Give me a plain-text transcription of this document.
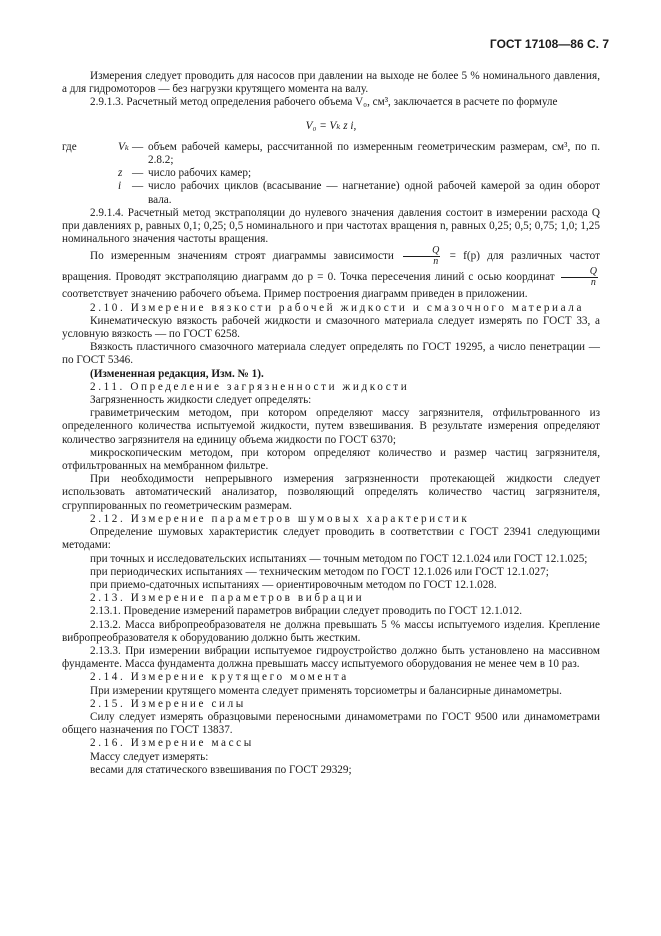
ГОСТ 17108—86 С. 7

Измерения следует проводить для насосов при давлении на выходе не более 5 % номинального давления, а для гидромоторов — без нагрузки крутящего момента на валу.

2.9.1.3. Расчетный метод определения рабочего объема V₀, см³, заключается в расчете по формуле

V₀ = Vₖ z i,
где	Vₖ — объем рабочей камеры, рассчитанной по измеренным геометрическим размерам, см³, по п. 2.8.2;
z — число рабочих камер;
i — число рабочих циклов (всасывание — нагнетание) одной рабочей камерой за один оборот вала.

2.9.1.4. Расчетный метод экстраполяции до нулевого значения давления состоит в измерении расхода Q при давлениях p, равных 0,1; 0,25; 0,5 номинального и при частотах вращения n, равных 0,25; 0,5; 0,75; 1,0; 1,25 номинального значения частоты вращения.

По измеренным значениям строят диаграммы зависимости $\frac{Q}{n} = f(p)$ для различных частот вращения. Проводят экстраполяцию диаграмм до p = 0. Точка пересечения линий с осью координат $\frac{Q}{n}$
соответствует значению рабочего объема. Пример построения диаграмм приведен в приложении.

2.10. Измерение вязкости рабочей жидкости и смазочного материала

Кинематическую вязкость рабочей жидкости и смазочного материала следует измерять по ГОСТ 33, а условную вязкость — по ГОСТ 6258.

Вязкость пластичного смазочного материала следует определять по ГОСТ 19295, а число пенетрации — по ГОСТ 5346.

(Измененная редакция, Изм. № 1).

2.11. Определение загрязненности жидкости

Загрязненность жидкости следует определять:

гравиметрическим методом, при котором определяют массу загрязнителя, отфильтрованного из определенного количества испытуемой жидкости, путем взвешивания. В результате измерения определяют количество загрязнителя на единицу объема жидкости по ГОСТ 6370;

микроскопическим методом, при котором определяют количество и размер частиц загрязнителя, отфильтрованных на мембранном фильтре.

При необходимости непрерывного измерения загрязненности протекающей жидкости следует использовать автоматический анализатор, позволяющий определять количество частиц загрязнителя, сгруппированных по геометрическим размерам.

2.12. Измерение параметров шумовых характеристик

Определение шумовых характеристик следует проводить в соответствии с ГОСТ 23941 следующими методами:

при точных и исследовательских испытаниях — точным методом по ГОСТ 12.1.024 или ГОСТ 12.1.025;

при периодических испытаниях — техническим методом по ГОСТ 12.1.026 или ГОСТ 12.1.027;

при приемо-сдаточных испытаниях — ориентировочным методом по ГОСТ 12.1.028.

2.13. Измерение параметров вибрации

2.13.1. Проведение измерений параметров вибрации следует проводить по ГОСТ 12.1.012.

2.13.2. Масса вибропреобразователя не должна превышать 5 % массы испытуемого изделия. Крепление вибропреобразователя к оборудованию должно быть жестким.

2.13.3. При измерении вибрации испытуемое гидроустройство должно быть установлено на массивном фундаменте. Масса фундамента должна превышать массу испытуемого оборудования не менее чем в 10 раз.

2.14. Измерение крутящего момента

При измерении крутящего момента следует применять торсиометры и балансирные динамометры.

2.15. Измерение силы

Силу следует измерять образцовыми переносными динамометрами по ГОСТ 9500 или динамометрами общего назначения по ГОСТ 13837.

2.16. Измерение массы

Массу следует измерять:

весами для статического взвешивания по ГОСТ 29329;
